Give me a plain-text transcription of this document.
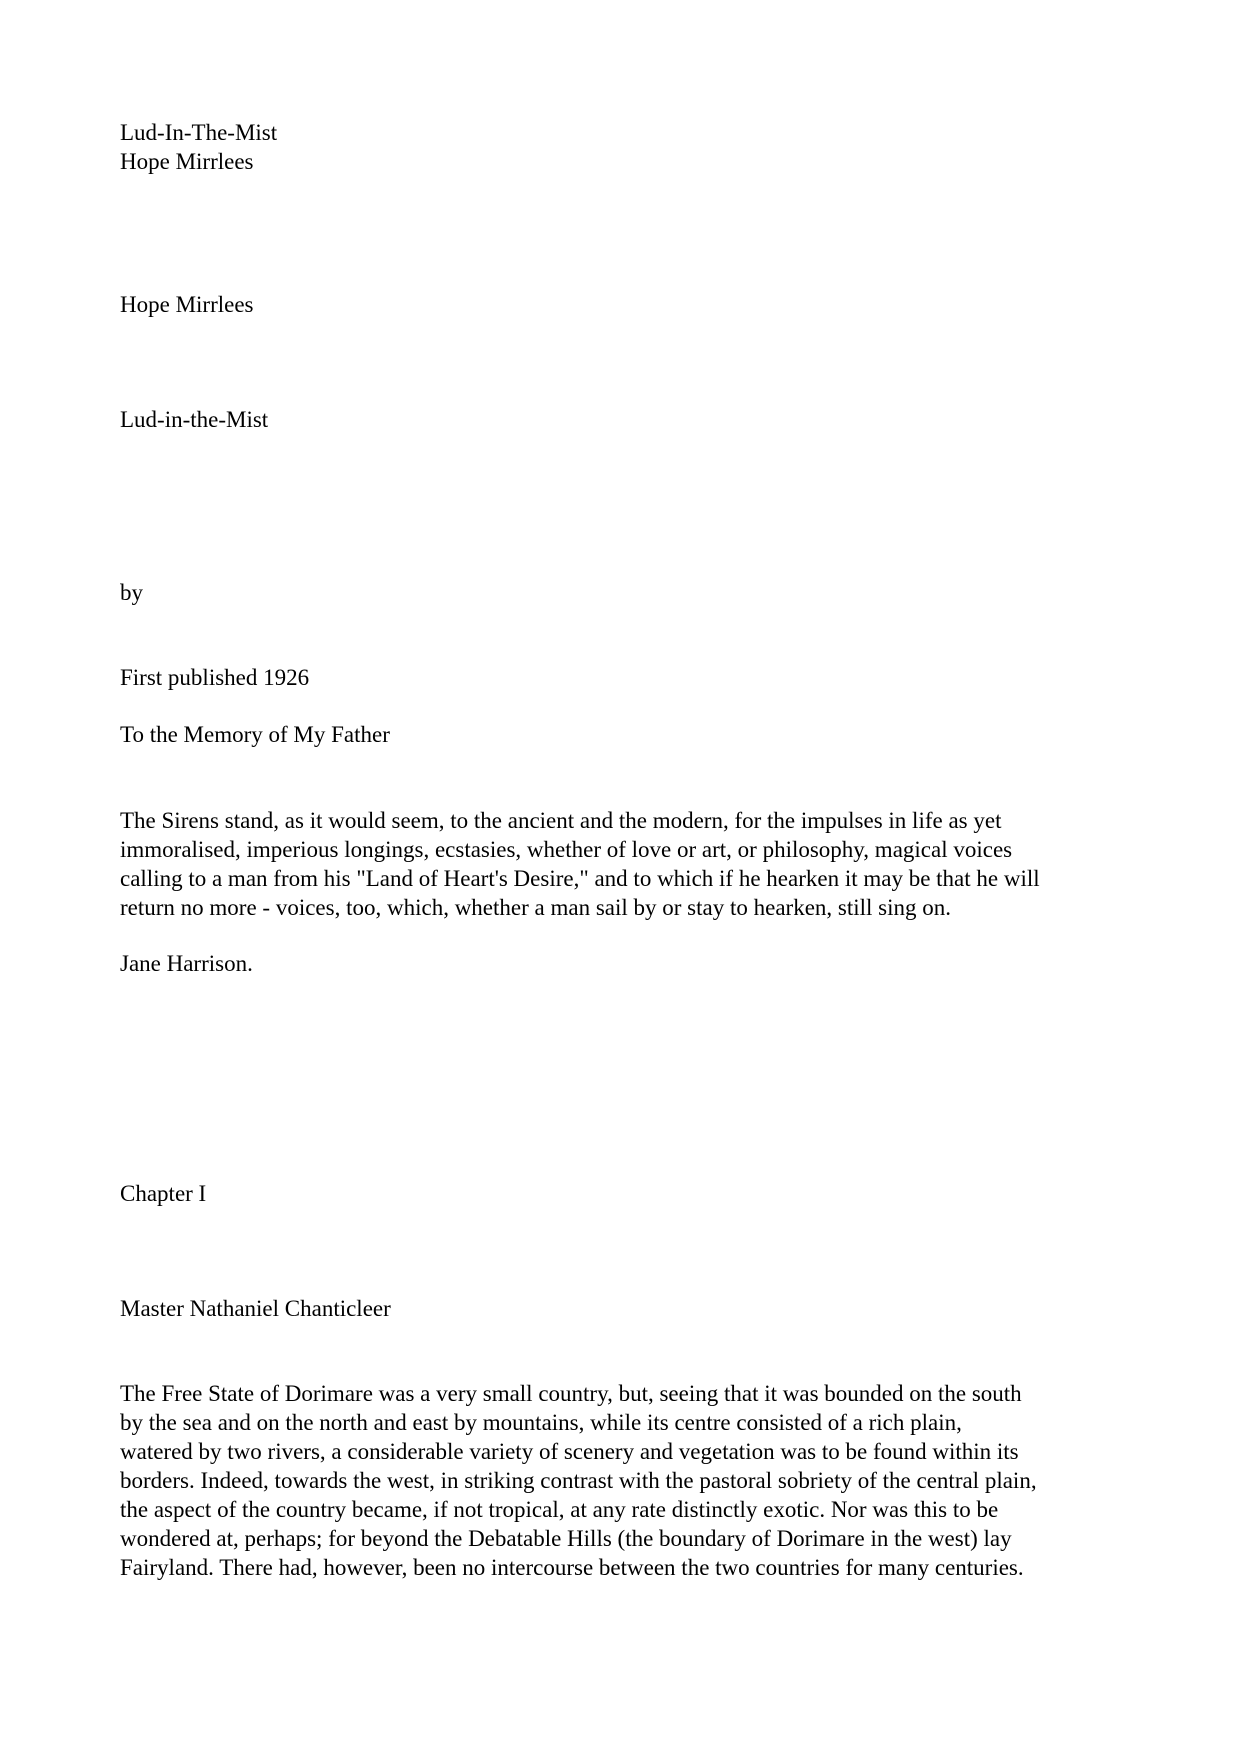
Lud-In-The-Mist

Hope Mirrlees

Hope Mirrlees

Lud-in-the-Mist

by

First published 1926

To the Memory of My Father

The Sirens stand, as it would seem, to the ancient and the modern, for the impulses in life as yet
immoralised, imperious longings, ecstasies, whether of love or art, or philosophy, magical voices
calling to a man from his "Land of Heart's Desire," and to which if he hearken it may be that he will
return no more - voices, too, which, whether a man sail by or stay to hearken, still sing on.

Jane Harrison.

Chapter I

Master Nathaniel Chanticleer

The Free State of Dorimare was a very small country, but, seeing that it was bounded on the south
by the sea and on the north and east by mountains, while its centre consisted of a rich plain,
watered by two rivers, a considerable variety of scenery and vegetation was to be found within its
borders. Indeed, towards the west, in striking contrast with the pastoral sobriety of the central plain,
the aspect of the country became, if not tropical, at any rate distinctly exotic. Nor was this to be
wondered at, perhaps; for beyond the Debatable Hills (the boundary of Dorimare in the west) lay
Fairyland. There had, however, been no intercourse between the two countries for many centuries.
